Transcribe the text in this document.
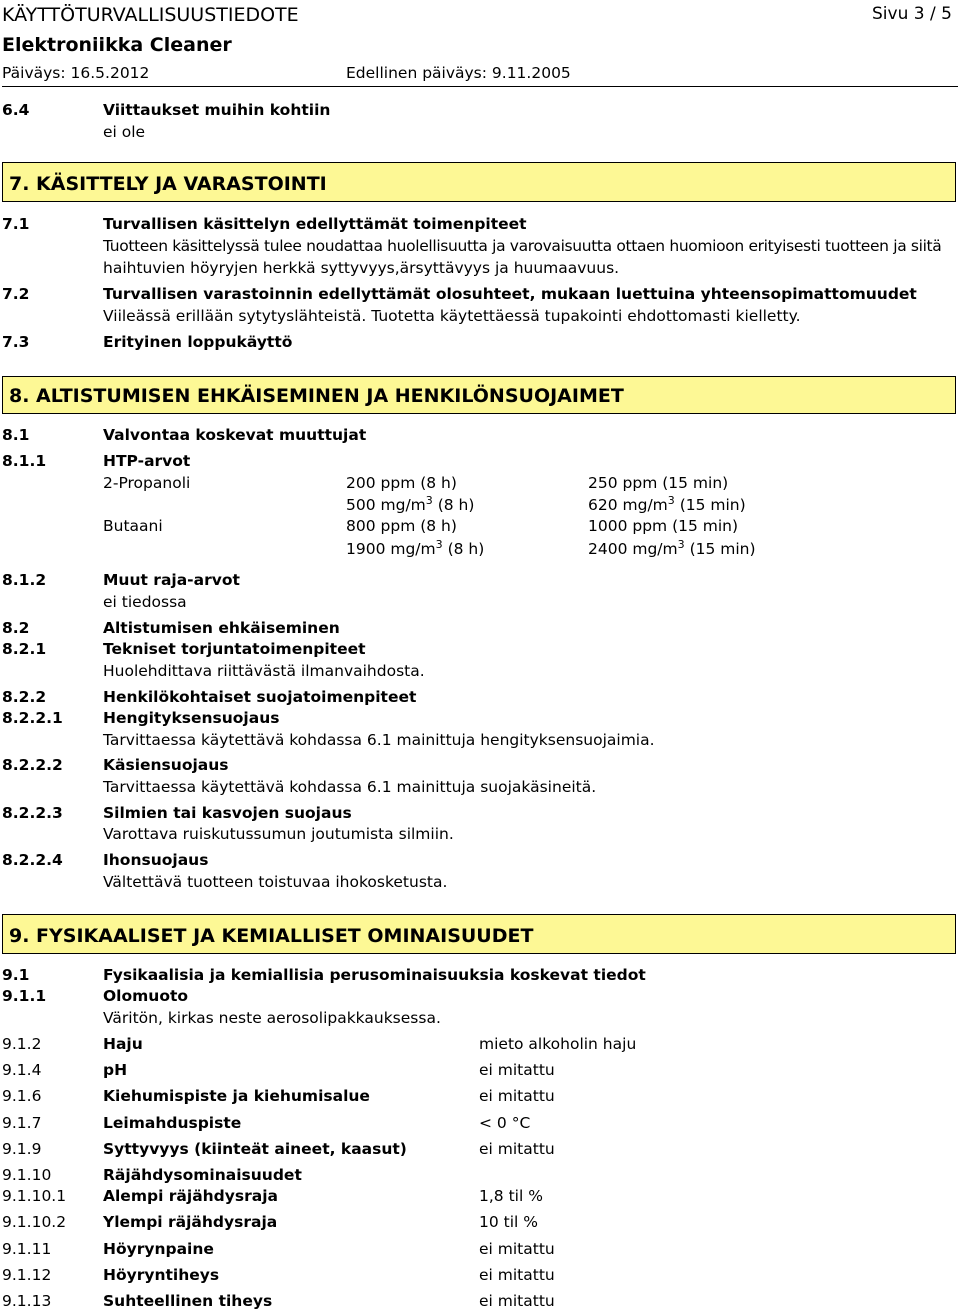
KÄYTTÖTURVALLISUUSTIEDOTE	Sivu 3 / 5
Elektroniikka Cleaner
Päiväys: 16.5.2012	Edellinen päiväys: 9.11.2005
6.4	Viittaukset muihin kohtiin
ei ole
7. KÄSITTELY JA VARASTOINTI
7.1	Turvallisen käsittelyn edellyttämät toimenpiteet
Tuotteen käsittelyssä tulee noudattaa huolellisuutta ja varovaisuutta ottaen huomioon erityisesti tuotteen ja siitä
haihtuvien höyryjen herkkä syttyvyys,ärsyttävyys ja huumaavuus.
7.2	Turvallisen varastoinnin edellyttämät olosuhteet, mukaan luettuina yhteensopimattomuudet
Viileässä erillään sytytyslähteistä. Tuotetta käytettäessä tupakointi ehdottomasti kielletty.
7.3	Erityinen loppukäyttö
8. ALTISTUMISEN EHKÄISEMINEN JA HENKILÖNSUOJAIMET
8.1	Valvontaa koskevat muuttujat
8.1.1	HTP-arvot
2-Propanoli	200 ppm (8 h)	250 ppm (15 min)
500 $mg/m^3$ (8 h)	620 $mg/m^3$ (15 min)
Butaani	800 ppm (8 h)	1000 ppm (15 min)
1900 $mg/m^3$ (8 h)	2400 $mg/m^3$ (15 min)
8.1.2	Muut raja-arvot
ei tiedossa
8.2	Altistumisen ehkäiseminen
8.2.1	Tekniset torjuntatoimenpiteet
Huolehdittava riittävästä ilmanvaihdosta.
8.2.2	Henkilökohtaiset suojatoimenpiteet
8.2.2.1	Hengityksensuojaus
Tarvittaessa käytettävä kohdassa 6.1 mainittuja hengityksensuojaimia.
8.2.2.2	Käsiensuojaus
Tarvittaessa käytettävä kohdassa 6.1 mainittuja suojakäsineitä.
8.2.2.3	Silmien tai kasvojen suojaus
Varottava ruiskutussumun joutumista silmiin.
8.2.2.4	Ihonsuojaus
Vältettävä tuotteen toistuvaa ihokosketusta.
9. FYSIKAALISET JA KEMIALLISET OMINAISUUDET
9.1	Fysikaalisia ja kemiallisia perusominaisuuksia koskevat tiedot
9.1.1	Olomuoto
Väritön, kirkas neste aerosolipakkauksessa.
9.1.2	Haju	mieto alkoholin haju
9.1.4	pH	ei mitattu
9.1.6	Kiehumispiste ja kiehumisalue	ei mitattu
9.1.7	Leimahduspiste	< 0 °C
9.1.9	Syttyvyys (kiinteät aineet, kaasut)	ei mitattu
9.1.10	Räjähdysominaisuudet
9.1.10.1 Alempi räjähdysraja	1,8 til %
9.1.10.2 Ylempi räjähdysraja	10 til %
9.1.11	Höyrynpaine	ei mitattu
9.1.12	Höyryntiheys	ei mitattu
9.1.13	Suhteellinen tiheys	ei mitattu
